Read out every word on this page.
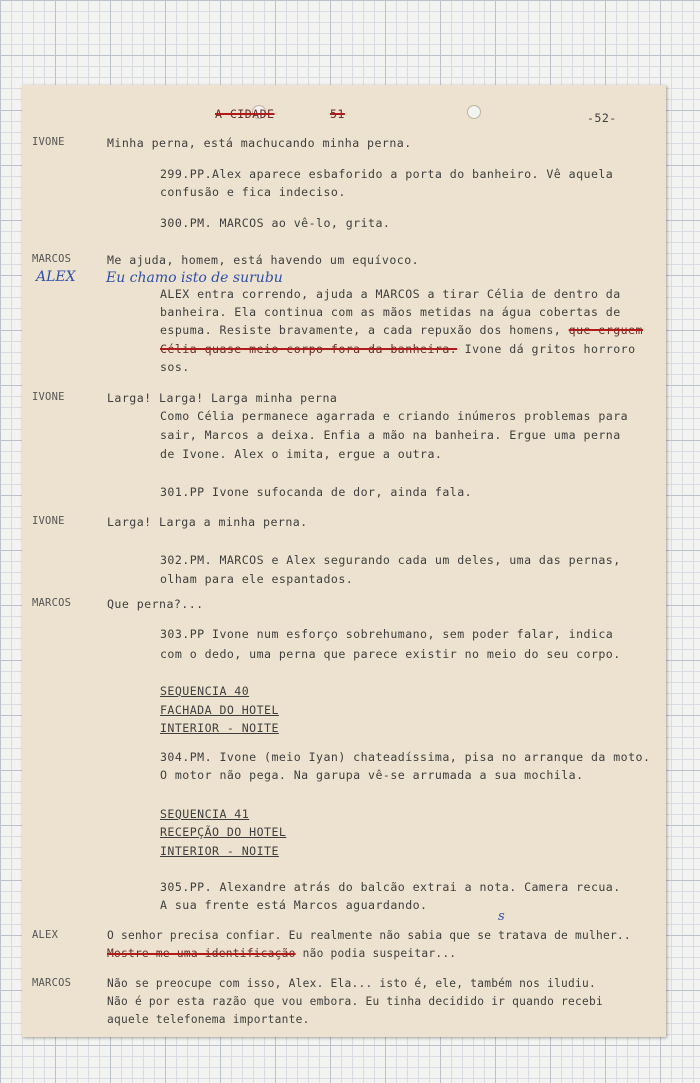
A CIDADE	51	-52-
IVONE	Minha perna, está machucando minha perna.
299.PP.Alex aparece esbaforido a porta do banheiro. Vê aquela
confusão e fica indeciso.
300.PM. MARCOS ao vê-lo, grita.
MARCOS	Me ajuda, homem, está havendo um equívoco.
ALEX Eu chamo isto de surubu
ALEX entra correndo, ajuda a MARCOS a tirar Célia de dentro da
banheira. Ela continua com as mãos metidas na água cobertas de
espuma. Resiste bravamente, a cada repuxão dos homens, que erguem
Célia quase meio corpo fora da banheira. Ivone dá gritos horroro
sos.
IVONE	Larga! Larga! Larga minha perna
Como Célia permanece agarrada e criando inúmeros problemas para
sair, Marcos a deixa. Enfia a mão na banheira. Ergue uma perna
de Ivone. Alex o imita, ergue a outra.
301.PP Ivone sufocanda de dor, ainda fala.
IVONE	Larga! Larga a minha perna.
302.PM. MARCOS e Alex segurando cada um deles, uma das pernas,
olham para ele espantados.
MARCOS	Que perna?...
303.PP Ivone num esforço sobrehumano, sem poder falar, indica
com o dedo, uma perna que parece existir no meio do seu corpo.
SEQUENCIA 40
FACHADA DO HOTEL
INTERIOR - NOITE
304.PM. Ivone (meio Iyan) chateadíssima, pisa no arranque da moto.
O motor não pega. Na garupa vê-se arrumada a sua mochila.
SEQUENCIA 41
RECEPÇÃO DO HOTEL
INTERIOR - NOITE
305.PP. Alexandre atrás do balcão extrai a nota. Camera recua.
A sua frente está Marcos aguardando.
ALEX	O senhor precisa confiar. Eu realmente não sabia que se tratava de mulher..
s
Mostre-me uma identificação não podia suspeitar...
MARCOS	Não se preocupe com isso, Alex. Ela... isto é, ele, também nos iludiu.
Não é por esta razão que vou embora. Eu tinha decidido ir quando recebi
aquele telefonema importante.
